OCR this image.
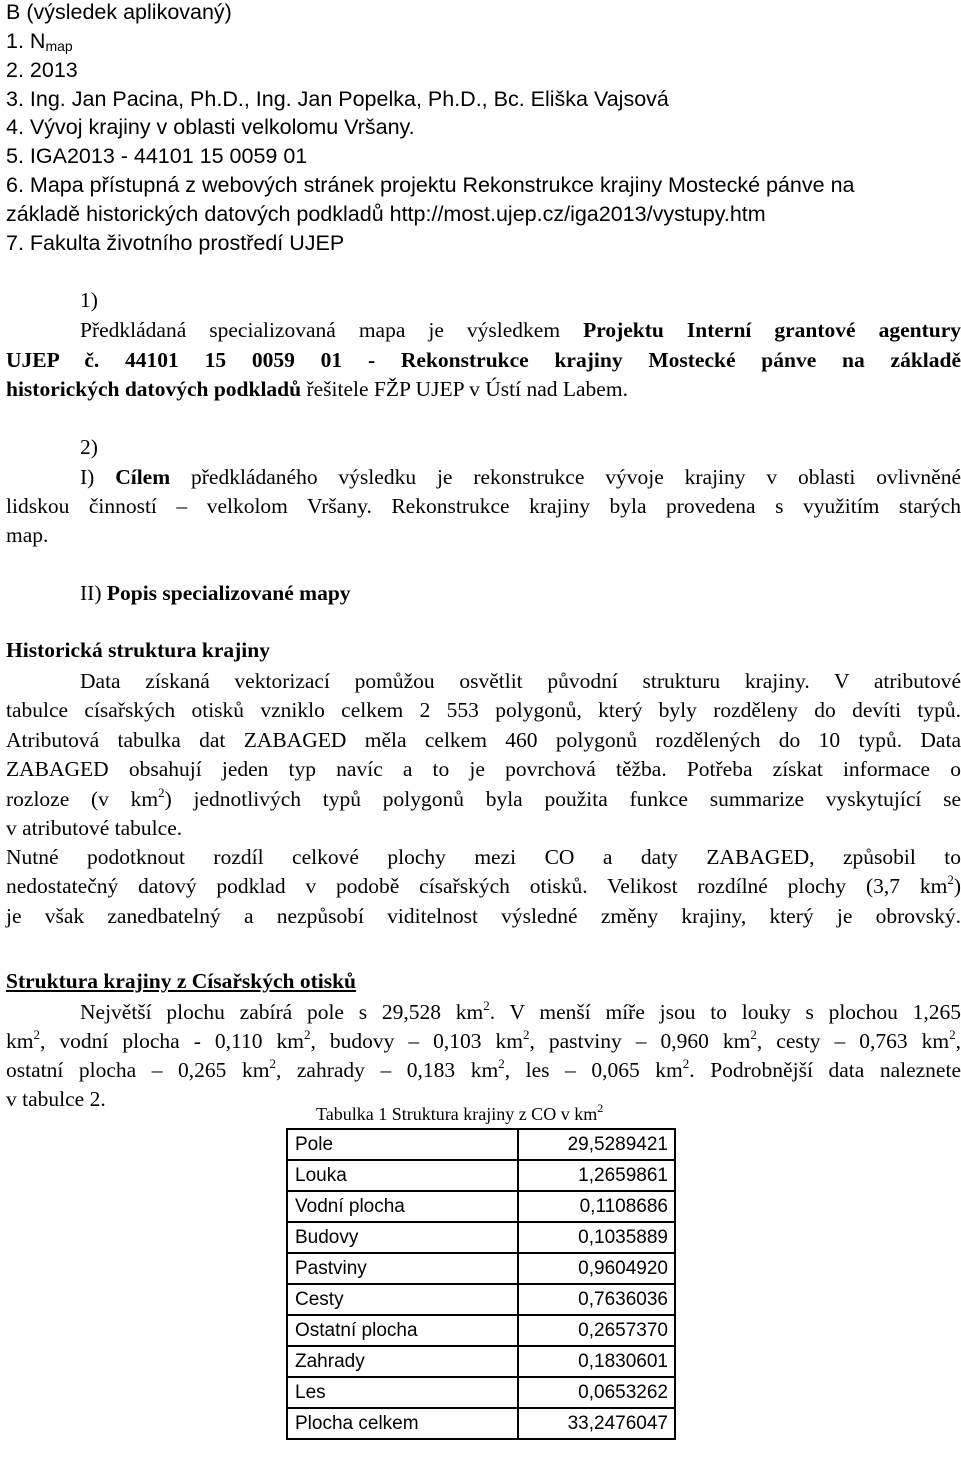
B (výsledek aplikovaný)
1. $N_{map}$
2. 2013
3. Ing. Jan Pacina, Ph.D., Ing. Jan Popelka, Ph.D., Bc. Eliška Vajsová
4. Vývoj krajiny v oblasti velkolomu Vršany.
5. IGA2013 - 44101 15 0059 01
6. Mapa přístupná z webových stránek projektu Rekonstrukce krajiny Mostecké pánve na
základě historických datových podkladů http://most.ujep.cz/iga2013/vystupy.htm
7. Fakulta životního prostředí UJEP
1)
Předkládaná specializovaná mapa je výsledkem Projektu Interní grantové agentury
UJEP č. 44101 15 0059 01 - Rekonstrukce krajiny Mostecké pánve na základě
historických datových podkladů řešitele FŽP UJEP v Ústí nad Labem.
2)
I) Cílem předkládaného výsledku je rekonstrukce vývoje krajiny v oblasti ovlivněné
lidskou činností – velkolom Vršany. Rekonstrukce krajiny byla provedena s využitím starých
map.
II) Popis specializované mapy
Historická struktura krajiny
Data získaná vektorizací pomůžou osvětlit původní strukturu krajiny. V atributové
tabulce císařských otisků vzniklo celkem 2 553 polygonů, který byly rozděleny do devíti typů.
Atributová tabulka dat ZABAGED měla celkem 460 polygonů rozdělených do 10 typů. Data
ZABAGED obsahují jeden typ navíc a to je povrchová těžba. Potřeba získat informace o
rozloze (v $km^2$) jednotlivých typů polygonů byla použita funkce summarize vyskytující se
v atributové tabulce.
Nutné podotknout rozdíl celkové plochy mezi CO a daty ZABAGED, způsobil to
nedostatečný datový podklad v podobě císařských otisků. Velikost rozdílné plochy (3,7 $km^2$)
je však zanedbatelný a nezpůsobí viditelnost výsledné změny krajiny, který je obrovský.
Struktura krajiny z Císařských otisků
Největší plochu zabírá pole s 29,528 $km^2$. V menší míře jsou to louky s plochou 1,265
$km^2$, vodní plocha - 0,110 $km^2$, budovy – 0,103 $km^2$, pastviny – 0,960 $km^2$, cesty – 0,763 $km^2$,
ostatní plocha – 0,265 $km^2$, zahrady – 0,183 $km^2$, les – 0,065 $km^2$. Podrobnější data naleznete
v tabulce 2.
Tabulka 1 Struktura krajiny z CO v $km^2$
Pole	29,5289421
Louka	1,2659861
Vodní plocha	0,1108686
Budovy	0,1035889
Pastviny	0,9604920
Cesty	0,7636036
Ostatní plocha	0,2657370
Zahrady	0,1830601
Les	0,0653262
Plocha celkem	33,2476047
